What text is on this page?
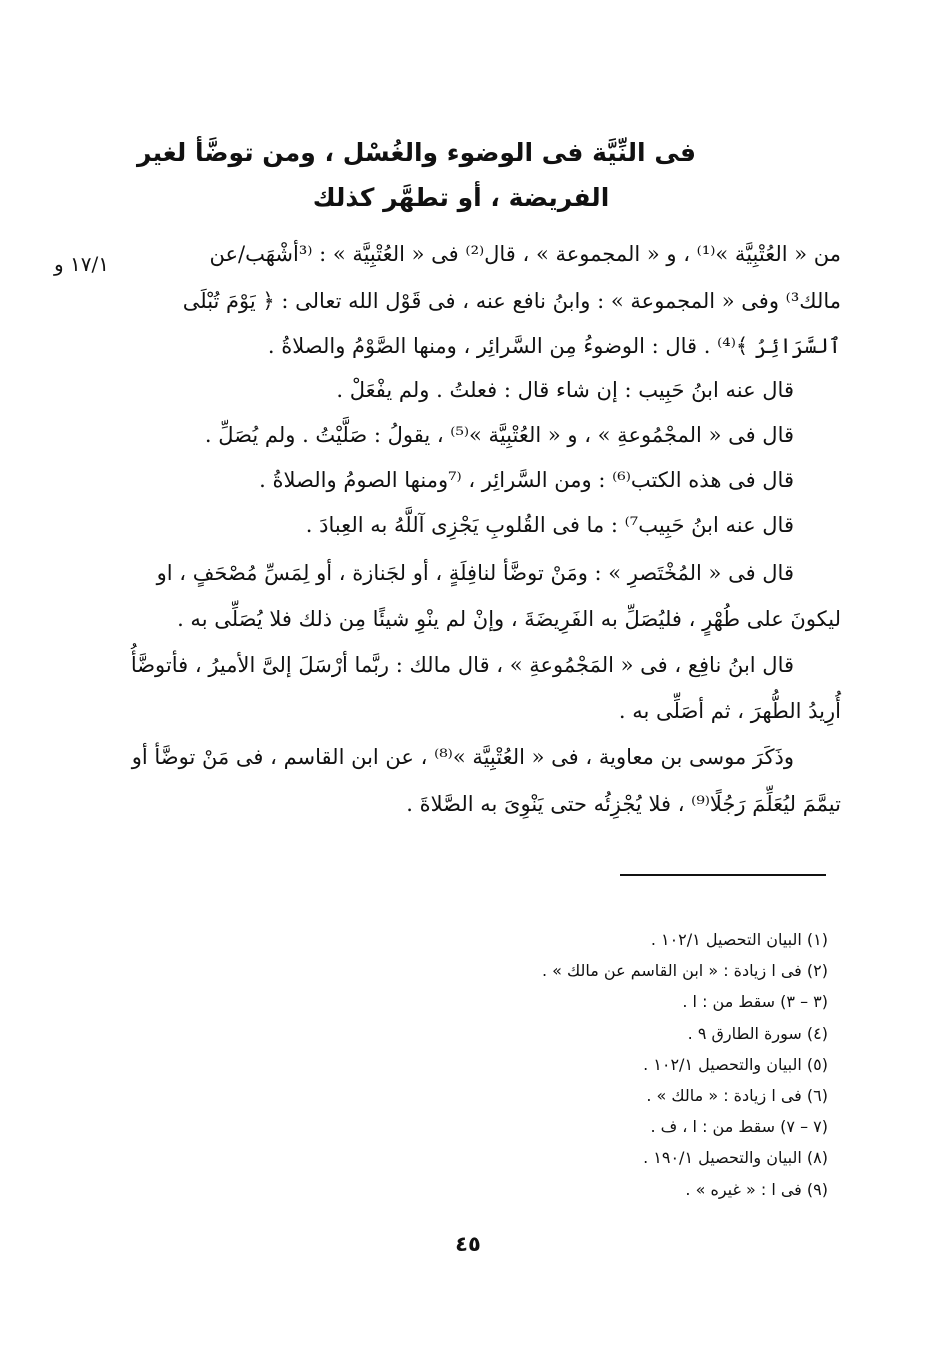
فى النِّيَّة فى الوضوء والغُسْل ، ومن توضَّأ لغير
الفريضة ، أو تطهَّر كذلك
١٧/١ و	من « العُتْبِيَّة »⁽¹⁾ ، و « المجموعة » ، قال⁽²⁾ فى « العُتْبِيَّة » : ⁽³أشْهَب/عن
مالك³⁾ وفى « المجموعة » : وابنُ نافع عنه ، فى قَوْل الله تعالى : ﴿ يَوْمَ تُبْلَى
ٱلسَّرَائِرُ ﴾⁽⁴⁾ . قال : الوضوءُ مِن السَّرائِر ، ومنها الصَّوْمُ والصلاةُ .
قال عنه ابنُ حَبِيب : إن شاء قال : فعلتُ . ولم يفْعَلْ .
قال فى « المجْمُوعةِ » ، و « العُتْبِيَّة »⁽⁵⁾ ، يقولُ : صَلَّيْتُ . ولم يُصَلِّ .
قال فى هذه الكتب⁽⁶⁾ : ومن السَّرائِر ، ⁽⁷ومنها الصومُ والصلاةُ .
قال عنه ابنُ حَبِيب⁷⁾ : ما فى القُلوبِ يَجْزِى آللَّهُ به العِبادَ .
قال فى « المُخْتَصرِ » : ومَنْ توضَّأ لنافِلَةٍ ، أو لجَنازة ، أو لِمَسِّ مُصْحَفٍ ، او
ليكونَ على طُهْرٍ ، فليُصَلِّ به الفَرِيضَةَ ، وإنْ لم ينْوِ شيئًا مِن ذلك فلا يُصَلِّى به .
قال ابنُ نافِع ، فى « المَجْمُوعةِ » ، قال مالك : ربَّما أرْسَلَ إلىَّ الأميرُ ، فأتوضَّأُ
أُرِيدُ الطُّهرَ ، ثم أصَلِّى به .
وذَكَرَ موسى بن معاوية ، فى « العُتْبِيَّة »⁽⁸⁾ ، عن ابن القاسم ، فى مَنْ توضَّأ أو
تيمَّمَ ليُعَلِّمَ رَجُلًا⁽⁹⁾ ، فلا يُجْزِئُه حتى يَنْوِىَ به الصَّلاةَ .
(١) البيان التحصيل ١٠٢/١ .
(٢) فى ا زيادة : « ابن القاسم عن مالك » .
(٣ – ٣) سقط من : ا .
(٤) سورة الطارق ٩ .
(٥) البيان والتحصيل ١٠٢/١ .
(٦) فى ا زيادة : « مالك » .
(٧ – ٧) سقط من : ا ، ف .
(٨) البيان والتحصيل ١٩٠/١ .
(٩) فى ا : « غيره » .
٤٥
